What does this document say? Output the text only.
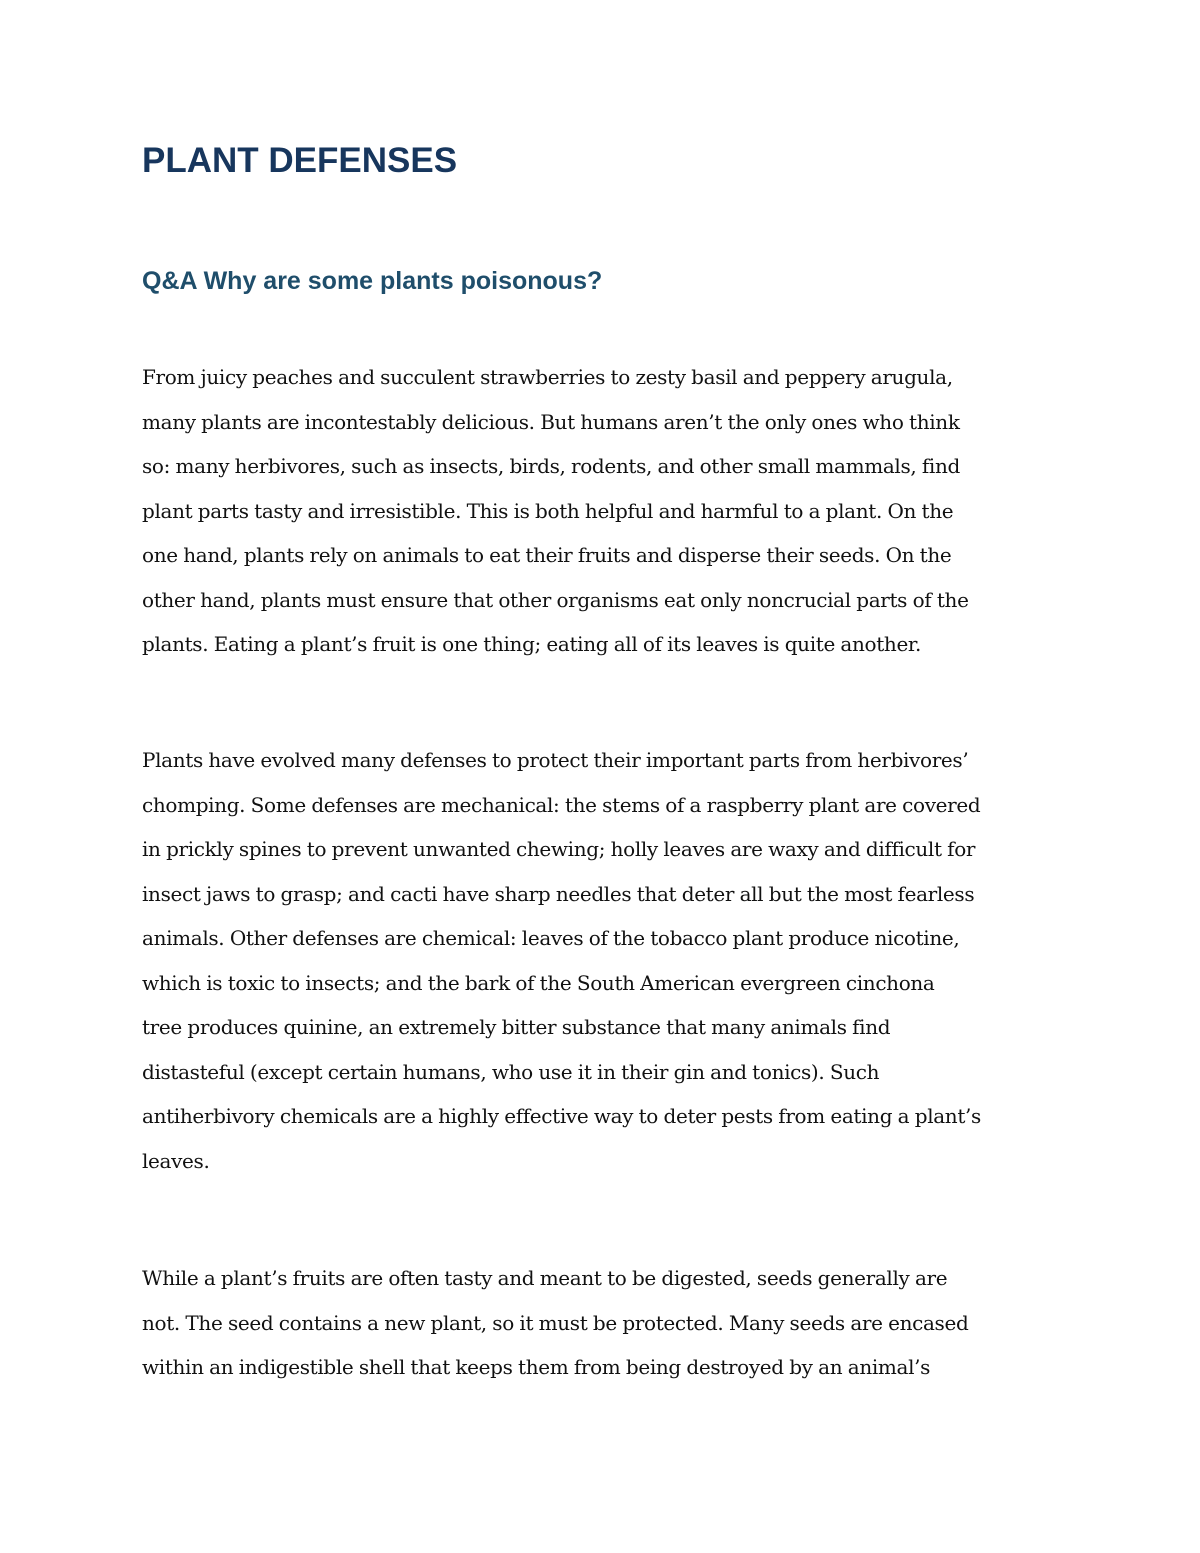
PLANT DEFENSES
Q&A Why are some plants poisonous?

From juicy peaches and succulent strawberries to zesty basil and peppery arugula,
many plants are incontestably delicious. But humans aren’t the only ones who think
so: many herbivores, such as insects, birds, rodents, and other small mammals, find
plant parts tasty and irresistible. This is both helpful and harmful to a plant. On the
one hand, plants rely on animals to eat their fruits and disperse their seeds. On the
other hand, plants must ensure that other organisms eat only noncrucial parts of the
plants. Eating a plant’s fruit is one thing; eating all of its leaves is quite another.

Plants have evolved many defenses to protect their important parts from herbivores’
chomping. Some defenses are mechanical: the stems of a raspberry plant are covered
in prickly spines to prevent unwanted chewing; holly leaves are waxy and difficult for
insect jaws to grasp; and cacti have sharp needles that deter all but the most fearless
animals. Other defenses are chemical: leaves of the tobacco plant produce nicotine,
which is toxic to insects; and the bark of the South American evergreen cinchona
tree produces quinine, an extremely bitter substance that many animals find
distasteful (except certain humans, who use it in their gin and tonics). Such
antiherbivory chemicals are a highly effective way to deter pests from eating a plant’s
leaves.

While a plant’s fruits are often tasty and meant to be digested, seeds generally are
not. The seed contains a new plant, so it must be protected. Many seeds are encased
within an indigestible shell that keeps them from being destroyed by an animal’s
